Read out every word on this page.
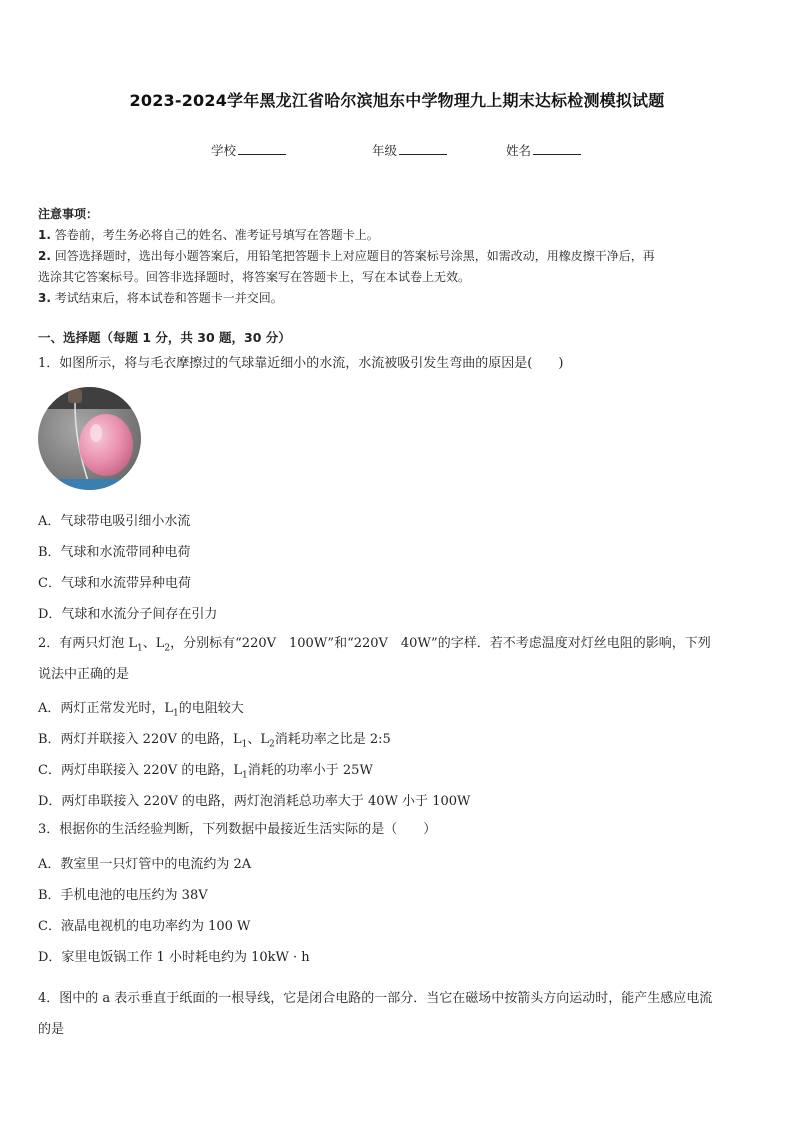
2023-2024学年黑龙江省哈尔滨旭东中学物理九上期末达标检测模拟试题
学校	年级	姓名
注意事项：
1. 答卷前，考生务必将自己的姓名、准考证号填写在答题卡上。
2. 回答选择题时，选出每小题答案后，用铅笔把答题卡上对应题目的答案标号涂黑，如需改动，用橡皮擦干净后，再
选涂其它答案标号。回答非选择题时，将答案写在答题卡上，写在本试卷上无效。
3. 考试结束后，将本试卷和答题卡一并交回。
一、选择题（每题 1 分，共 30 题，30 分）
1．如图所示，将与毛衣摩擦过的气球靠近细小的水流，水流被吸引发生弯曲的原因是(　　)
A．气球带电吸引细小水流
B．气球和水流带同种电荷
C．气球和水流带异种电荷
D．气球和水流分子间存在引力
2．有两只灯泡 $L_1$、$L_2$，分别标有“220V　100W”和“220V　40W”的字样．若不考虑温度对灯丝电阻的影响，下列
说法中正确的是
A．两灯正常发光时，$L_1$的电阻较大
B．两灯并联接入 220V 的电路，$L_1$、$L_2$消耗功率之比是 2:5
C．两灯串联接入 220V 的电路，$L_1$消耗的功率小于 25W
D．两灯串联接入 220V 的电路，两灯泡消耗总功率大于 40W 小于 100W
3．根据你的生活经验判断，下列数据中最接近生活实际的是（　　）
A．教室里一只灯管中的电流约为 2A
B．手机电池的电压约为 38V
C．液晶电视机的电功率约为 100 W
D．家里电饭锅工作 1 小时耗电约为 10kW · h
4．图中的 a 表示垂直于纸面的一根导线，它是闭合电路的一部分．当它在磁场中按箭头方向运动时，能产生感应电流
的是
